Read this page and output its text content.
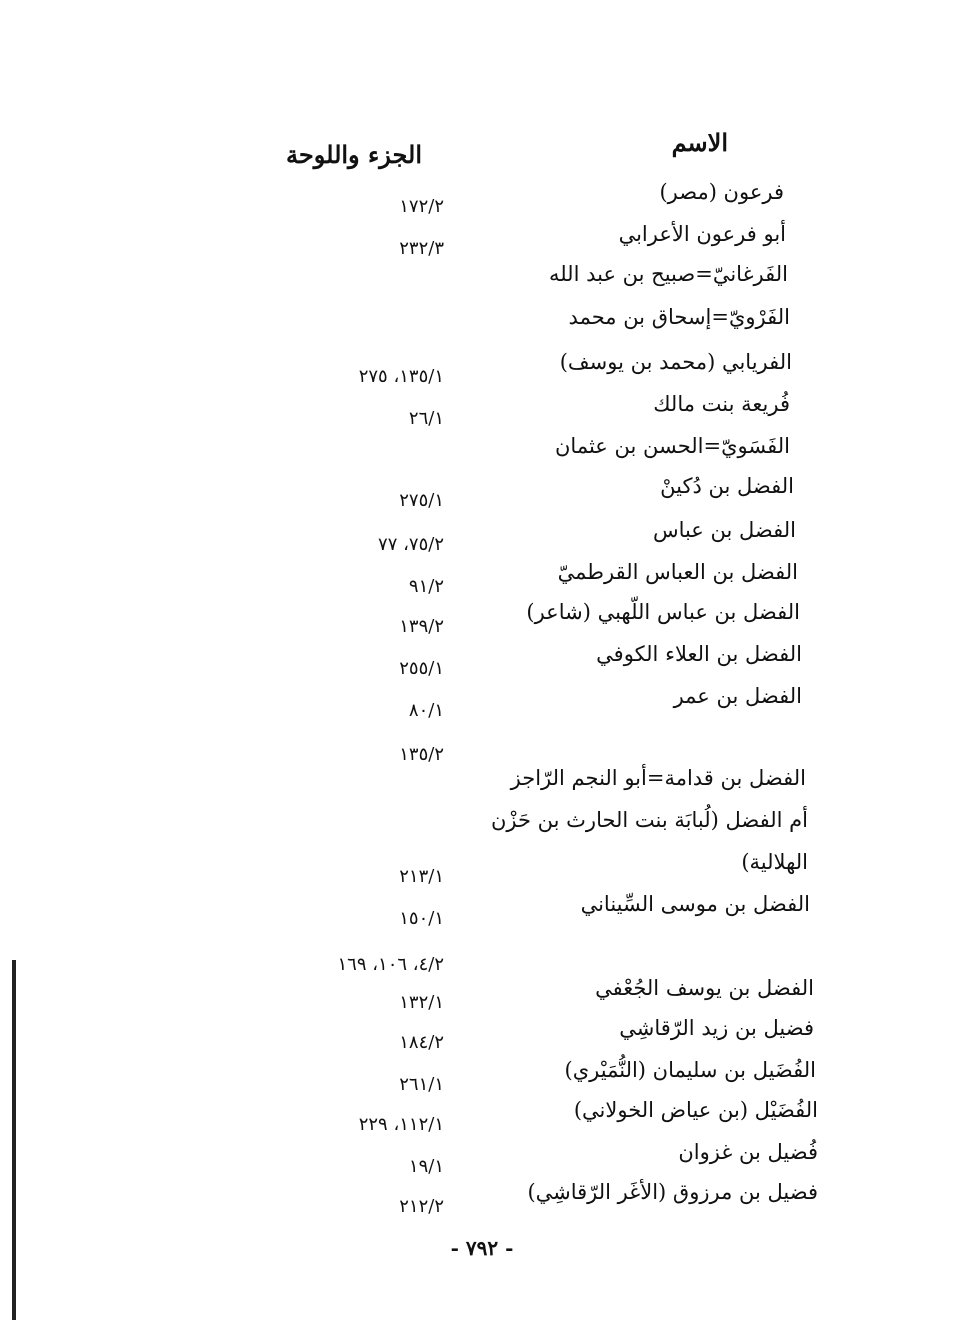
الاسم
الجزء واللوحة
فرعون (مصر)
١٧٢/٢
أبو فرعون الأعرابي
٢٣٢/٣
الفَرغانيّ=صبيح بن عبد الله
الفَرْويّ=إسحاق بن محمد
الفريابي (محمد بن يوسف)
١٣٥/١، ٢٧٥
فُريعة بنت مالك
٢٦/١
الفَسَويّ=الحسن بن عثمان
الفضل بن دُكينْ
٢٧٥/١
الفضل بن عباس
٧٥/٢، ٧٧
الفضل بن العباس القرطميّ
٩١/٢
الفضل بن عباس اللّهبي (شاعر)
١٣٩/٢
الفضل بن العلاء الكوفي
٢٥٥/١
الفضل بن عمر
٨٠/١
١٣٥/٢
الفضل بن قدامة=أبو النجم الرّاجز
أم الفضل (لُبابَة بنت الحارث بن حَزْن
الهلالية)
٢١٣/١
الفضل بن موسى السِّيناني
١٥٠/١
٤/٢، ١٠٦، ١٦٩
الفضل بن يوسف الجُعْفي
١٣٢/١
فضيل بن زيد الرّقاشِي
١٨٤/٢
الفُضَيل بن سليمان (النُّمَيْري)
٢٦١/١
الفُضَيْل (بن عياض الخولاني)
١١٢/١، ٢٢٩
فُضيل بن غزوان
١٩/١
فضيل بن مرزوق (الأغَر الرّقاشِي)
٢١٢/٢
- ٧٩٢ -
